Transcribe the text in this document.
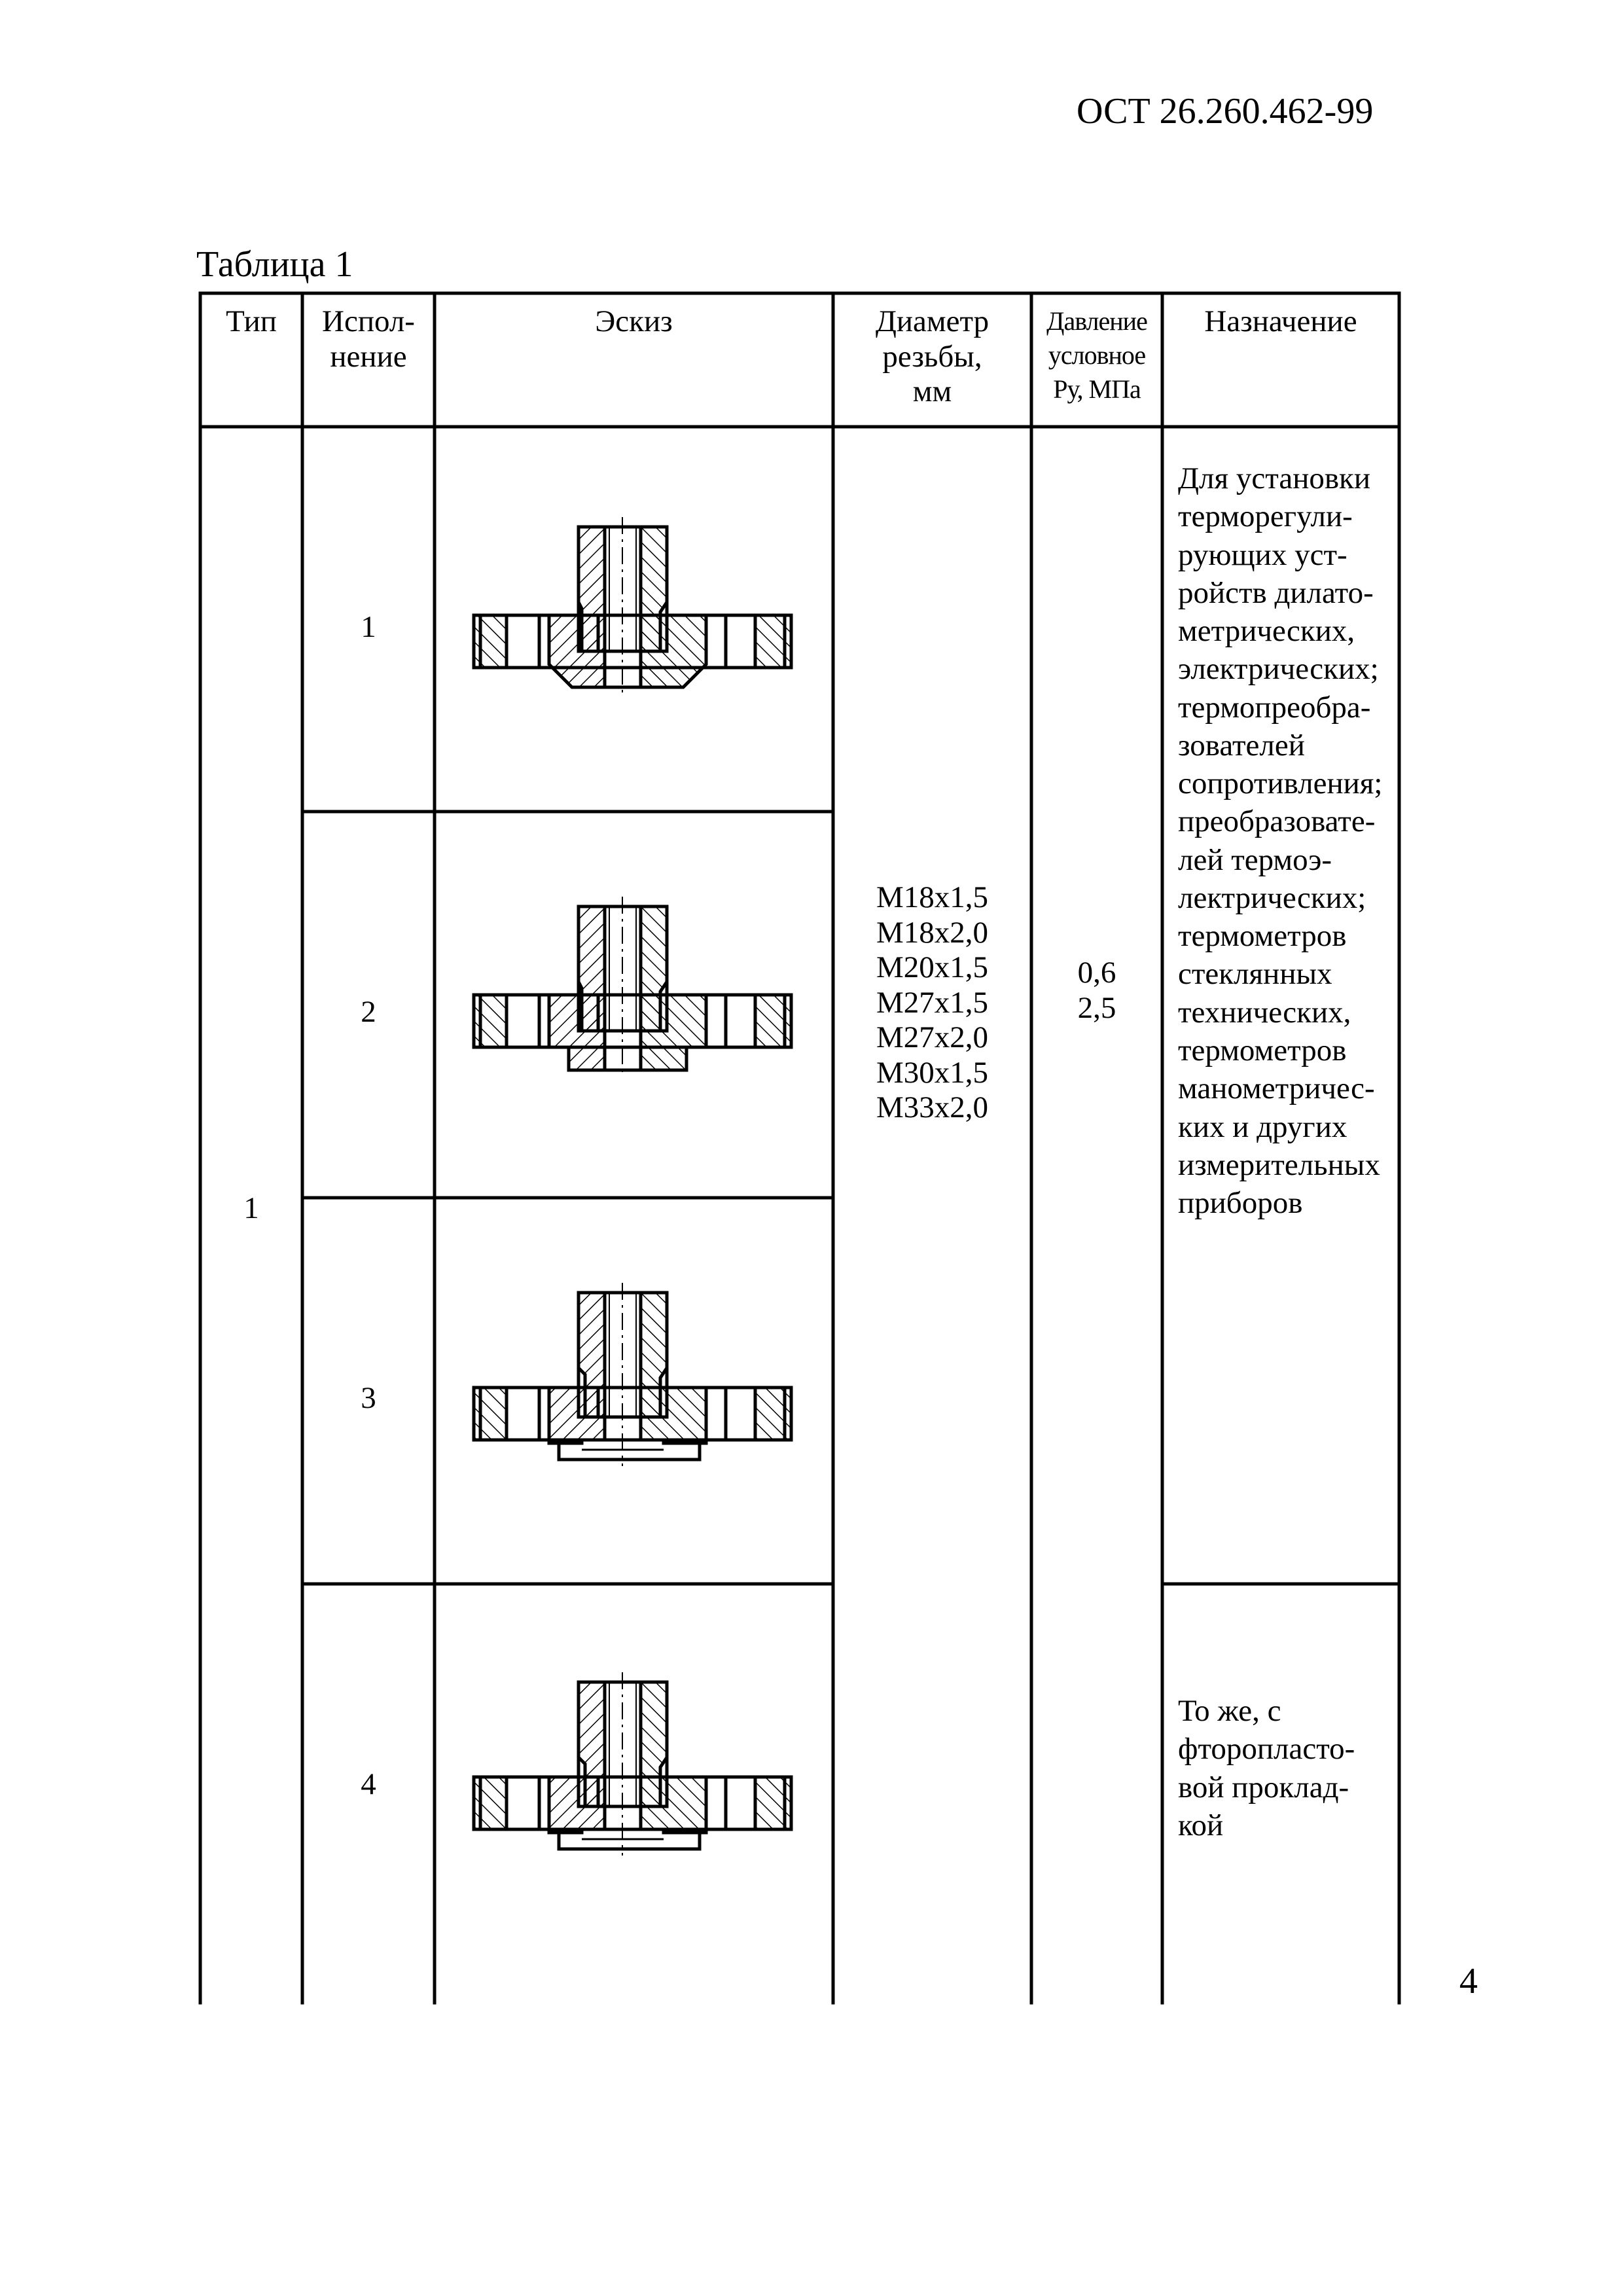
ОСТ 26.260.462-99
Таблица 1
4
Тип	Испол-
нение
Эскиз	Диаметр
резьбы,
мм
Давление
условное
Ру, МПа
Назначение
1
1
2
3
4
М18х1,5
М18х2,0
М20х1,5
М27х1,5
М27х2,0
М30х1,5
М33х2,0
0,6
2,5
Для установки
терморегули-
рующих уст-
ройств дилато-
метрических,
электрических;
термопреобра-
зователей
сопротивления;
преобразовате-
лей термоэ-
лектрических;
термометров
стеклянных
технических,
термометров
манометричес-
ких и других
измерительных
приборов
То же, с
фторопласто-
вой проклад-
кой
